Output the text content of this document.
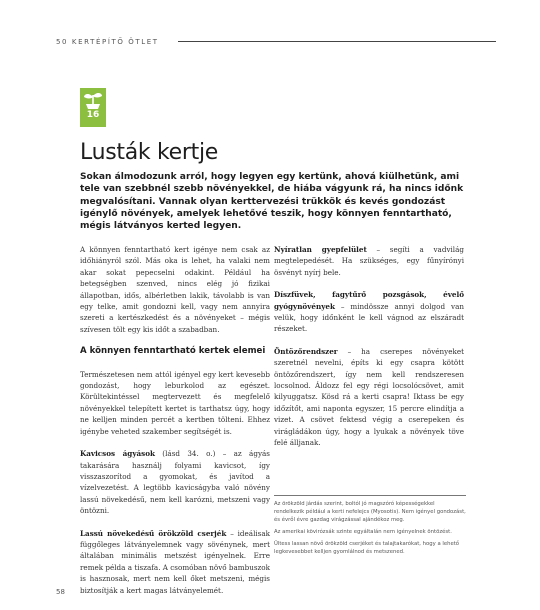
50 KERTÉPÍTŐ ÖTLET
16
Lusták kertje

Sokan álmodozunk arról, hogy legyen egy kertünk, ahová kiülhetünk, ami tele van szebbnél szebb növényekkel, de hiába vágyunk rá, ha nincs időnk megvalósítani. Vannak olyan kerttervezési trükkök és kevés gondozást igénylő növények, amelyek lehetővé teszik, hogy könnyen fenntartható, mégis látványos kerted legyen.

A könnyen fenntartható kert igénye nem csak az időhiányról szól. Más oka is lehet, ha valaki nem akar sokat pepecselni odakint. Például ha betegségben szenved, nincs elég jó fizikai állapotban, idős, albérletben lakik, távolabb is van egy telke, amit gondozni kell, vagy nem annyira szereti a kertészkedést és a növényeket – mégis szívesen tölt egy kis időt a szabadban.

A könnyen fenntartható kertek elemei

Természetesen nem attól igényel egy kert kevesebb gondozást, hogy leburkolod az egészet. Körültekintéssel megtervezett és megfelelő növényekkel telepített kertet is tarthatsz úgy, hogy ne kelljen minden percét a kertben tölteni. Ehhez igénybe veheted szakember segítségét is.

Kavicsos ágyások (lásd 34. o.) – az ágyás takarására használj folyami kavicsot, így visszaszorítod a gyomokat, és javítod a vízelvezetést. A legtöbb kavicságyba való növény lassú növekedésű, nem kell karózni, metszeni vagy öntözni.

Lassú növekedésű örökzöld cserjék – ideálisak függőleges látványelemnek vagy sövénynek, mert általában minimális metszést igényelnek. Erre remek példa a tiszafa. A csomóban növő bambuszok is hasznosak, mert nem kell őket metszeni, mégis biztosítják a kert magas látványelemét.

Nyíratlan gyepfelület – segíti a vadvilág megtelepedését. Ha szükséges, egy fűnyírónyi ösvényt nyírj bele.

Díszfüvek, fagytűrő pozsgások, évelő gyógynövények – mindössze annyi dolgod van velük, hogy időnként le kell vágnod az elszáradt részeket.

Öntözőrendszer – ha cserepes növényeket szeretnél nevelni, építs ki egy csapra kötött öntözőrendszert, így nem kell rendszeresen locsolnod. Áldozz fel egy régi locsolócsövet, amit kilyuggatsz. Kösd rá a kerti csapra! Iktass be egy időzítőt, ami naponta egyszer, 15 percre elindítja a vizet. A csövet fektesd végig a cserepeken és virágládákon úgy, hogy a lyukak a növények töve felé álljanak.

Az örökzöld járdás szerint, boltól jó magszóró képességekkel rendelkezik például a kerti nefelejcs (Myosotis). Nem igényel gondozást, és évről évre gazdag virágzással ajándékoz meg.

Az amerikai kövirózsák szinte egyáltalán nem igényelnek öntözést.

Ültess lassan növő örökzöld cserjéket és talajtakarókat, hogy a lehető legkevesebbet kelljen gyomlálnod és metszened.

58
